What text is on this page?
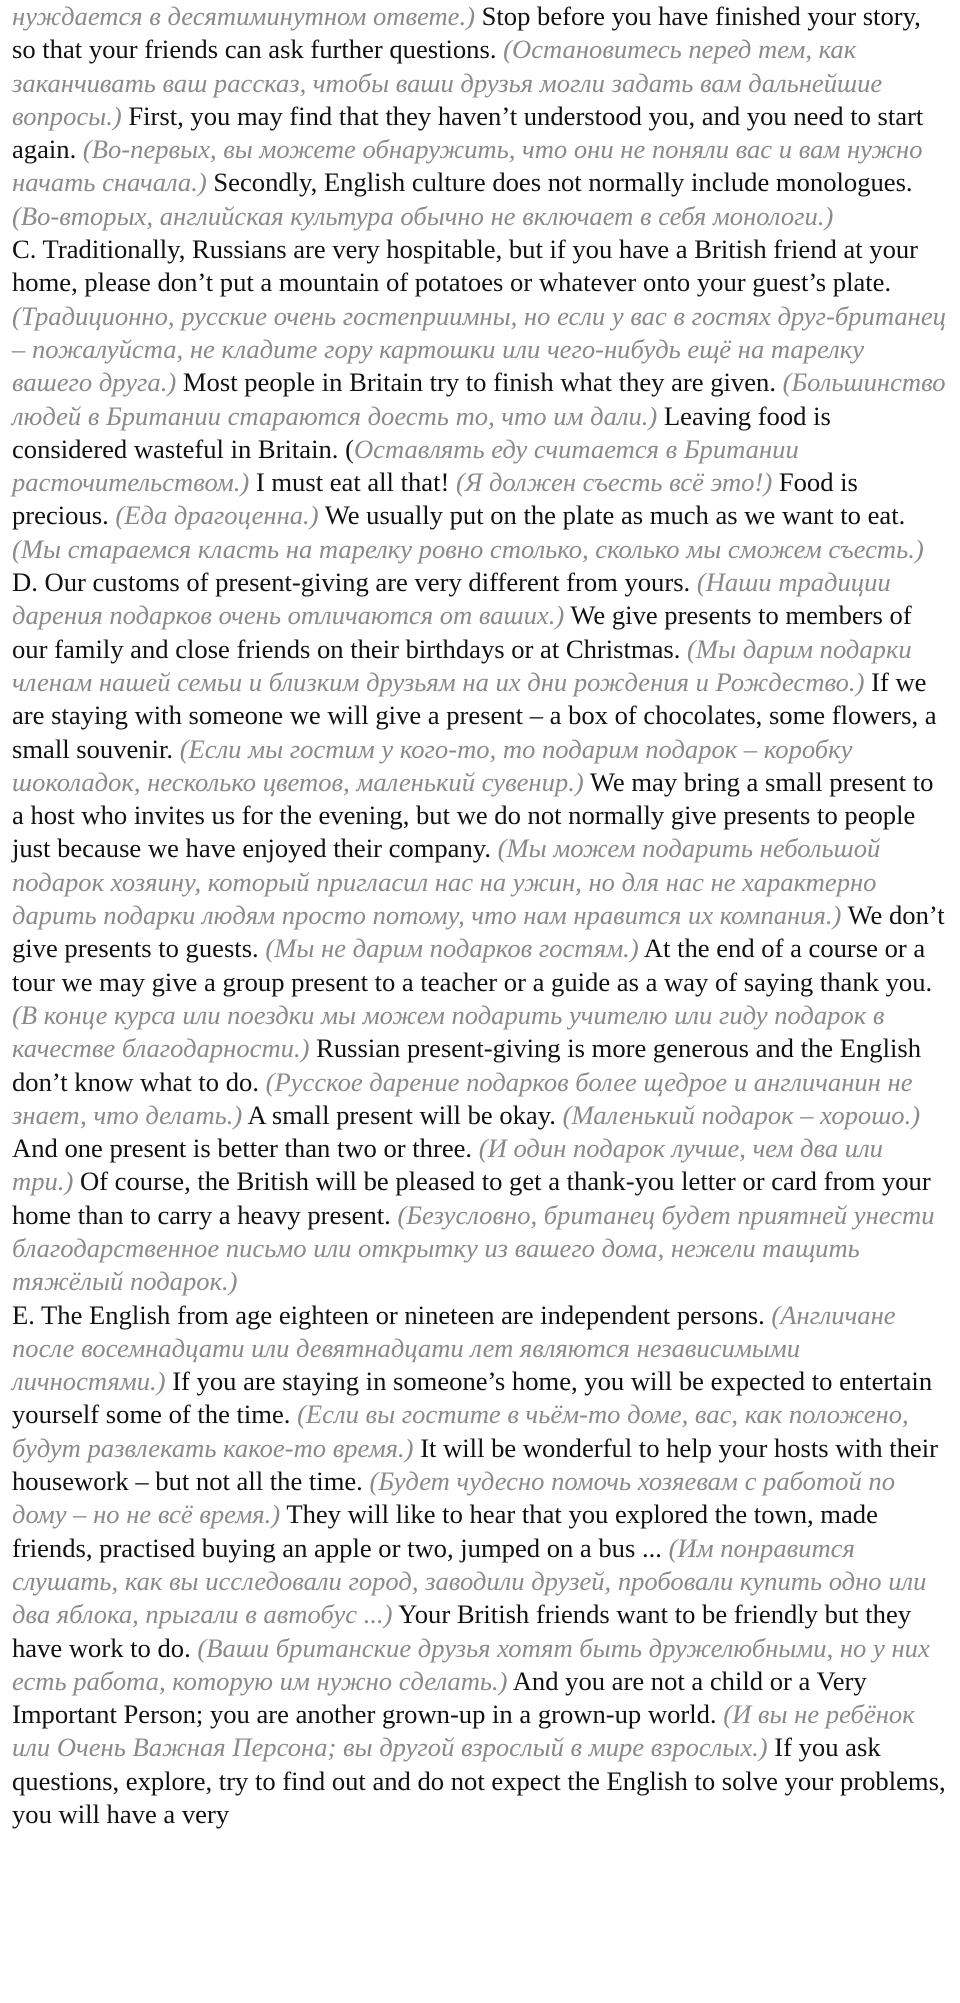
нуждается в десятиминутном ответе.) Stop before you have finished your story, so that your friends can ask further questions. (Остановитесь перед тем, как заканчивать ваш рассказ, чтобы ваши друзья могли задать вам дальнейшие вопросы.) First, you may find that they haven’t understood you, and you need to start again. (Во-первых, вы можете обнаружить, что они не поняли вас и вам нужно начать сначала.) Secondly, English culture does not normally include monologues. (Во-вторых, английская культура обычно не включает в себя монологи.)

C. Traditionally, Russians are very hospitable, but if you have a British friend at your home, please don’t put a mountain of potatoes or whatever onto your guest’s plate. (Традиционно, русские очень гостеприимны, но если у вас в гостях друг-британец – пожалуйста, не кладите гору картошки или чего-нибудь ещё на тарелку вашего друга.) Most people in Britain try to finish what they are given. (Большинство людей в Британии стараются доесть то, что им дали.) Leaving food is considered wasteful in Britain. (Оставлять еду считается в Британии расточительством.) I must eat all that! (Я должен съесть всё это!) Food is precious. (Еда драгоценна.) We usually put on the plate as much as we want to eat. (Мы стараемся класть на тарелку ровно столько, сколько мы сможем съесть.)

D. Our customs of present-giving are very different from yours. (Наши традиции дарения подарков очень отличаются от ваших.) We give presents to members of our family and close friends on their birthdays or at Christmas. (Мы дарим подарки членам нашей семьи и близким друзьям на их дни рождения и Рождество.) If we are staying with someone we will give a present – a box of chocolates, some flowers, a small souvenir. (Если мы гостим у кого-то, то подарим подарок – коробку шоколадок, несколько цветов, маленький сувенир.) We may bring a small present to a host who invites us for the evening, but we do not normally give presents to people just because we have enjoyed their company. (Мы можем подарить небольшой подарок хозяину, который пригласил нас на ужин, но для нас не характерно дарить подарки людям просто потому, что нам нравится их компания.) We don’t give presents to guests. (Мы не дарим подарков гостям.) At the end of a course or a tour we may give a group present to a teacher or a guide as a way of saying thank you. (В конце курса или поездки мы можем подарить учителю или гиду подарок в качестве благодарности.) Russian present-giving is more generous and the English don’t know what to do. (Русское дарение подарков более щедрое и англичанин не знает, что делать.) A small present will be okay. (Маленький подарок – хорошо.) And one present is better than two or three. (И один подарок лучше, чем два или три.) Of course, the British will be pleased to get a thank-you letter or card from your home than to carry a heavy present. (Безусловно, британец будет приятней унести благодарственное письмо или открытку из вашего дома, нежели тащить тяжёлый подарок.)

E. The English from age eighteen or nineteen are independent persons. (Англичане после восемнадцати или девятнадцати лет являются независимыми личностями.) If you are staying in someone’s home, you will be expected to entertain yourself some of the time. (Если вы гостите в чьём-то доме, вас, как положено, будут развлекать какое-то время.) It will be wonderful to help your hosts with their housework – but not all the time. (Будет чудесно помочь хозяевам с работой по дому – но не всё время.) They will like to hear that you explored the town, made friends, practised buying an apple or two, jumped on a bus ... (Им понравится слушать, как вы исследовали город, заводили друзей, пробовали купить одно или два яблока, прыгали в автобус ...) Your British friends want to be friendly but they have work to do. (Ваши британские друзья хотят быть дружелюбными, но у них есть работа, которую им нужно сделать.) And you are not a child or a Very Important Person; you are another grown-up in a grown-up world. (И вы не ребёнок или Очень Важная Персона; вы другой взрослый в мире взрослых.) If you ask questions, explore, try to find out and do not expect the English to solve your problems, you will have a very
